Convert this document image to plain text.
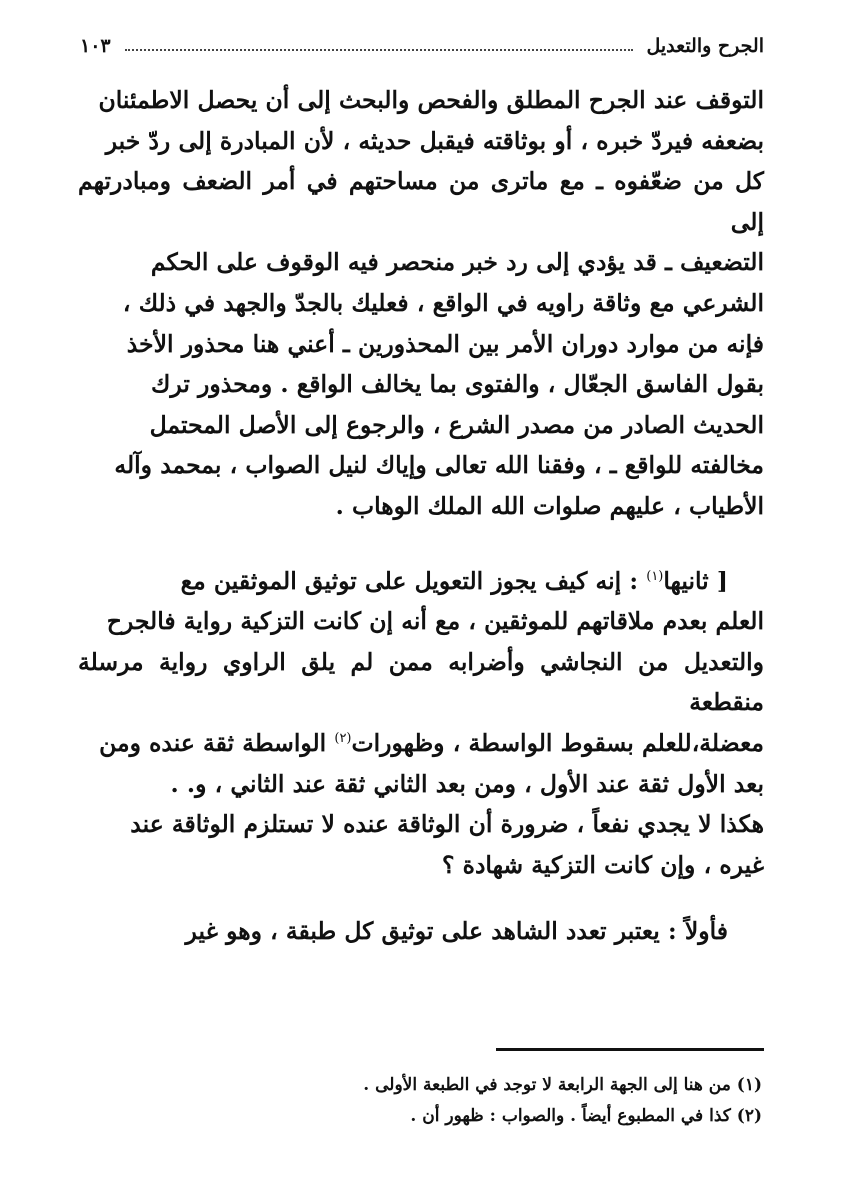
الجرح والتعديل
١٠٣

التوقف عند الجرح المطلق والفحص والبحث إلى أن يحصل الاطمئنان

بضعفه فيردّ خبره ، أو بوثاقته فيقبل حديثه ، لأن المبادرة إلى ردّ خبر

كل من ضعّفوه ـ مع ماترى من مساحتهم في أمر الضعف ومبادرتهم إلى

التضعيف ـ قد يؤدي إلى رد خبر منحصر فيه الوقوف على الحكم

الشرعي مع وثاقة راويه في الواقع ، فعليك بالجدّ والجهد في ذلك ،

فإنه من موارد دوران الأمر بين المحذورين ـ أعني هنا محذور الأخذ

بقول الفاسق الجعّال ، والفتوى بما يخالف الواقع . ومحذور ترك

الحديث الصادر من مصدر الشرع ، والرجوع إلى الأصل المحتمل

مخالفته للواقع ـ ، وفقنا الله تعالى وإياك لنيل الصواب ، بمحمد وآله

الأطياب ، عليهم صلوات الله الملك الوهاب .

[ ثانيها$^{(١)}$ : إنه كيف يجوز التعويل على توثيق الموثقين مع

العلم بعدم ملاقاتهم للموثقين ، مع أنه إن كانت التزكية رواية فالجرح

والتعديل من النجاشي وأضرابه ممن لم يلق الراوي رواية مرسلة منقطعة

معضلة،للعلم بسقوط الواسطة ، وظهورات$^{(٢)}$ الواسطة ثقة عنده ومن

بعد الأول ثقة عند الأول ، ومن بعد الثاني ثقة عند الثاني ، و. .

هكذا لا يجدي نفعاً ، ضرورة أن الوثاقة عنده لا تستلزم الوثاقة عند

غيره ، وإن كانت التزكية شهادة ؟

فأولاً : يعتبر تعدد الشاهد على توثيق كل طبقة ، وهو غير

(١) من هنا إلى الجهة الرابعة لا توجد في الطبعة الأولى .

(٢) كذا في المطبوع أيضاً . والصواب : ظهور أن .
